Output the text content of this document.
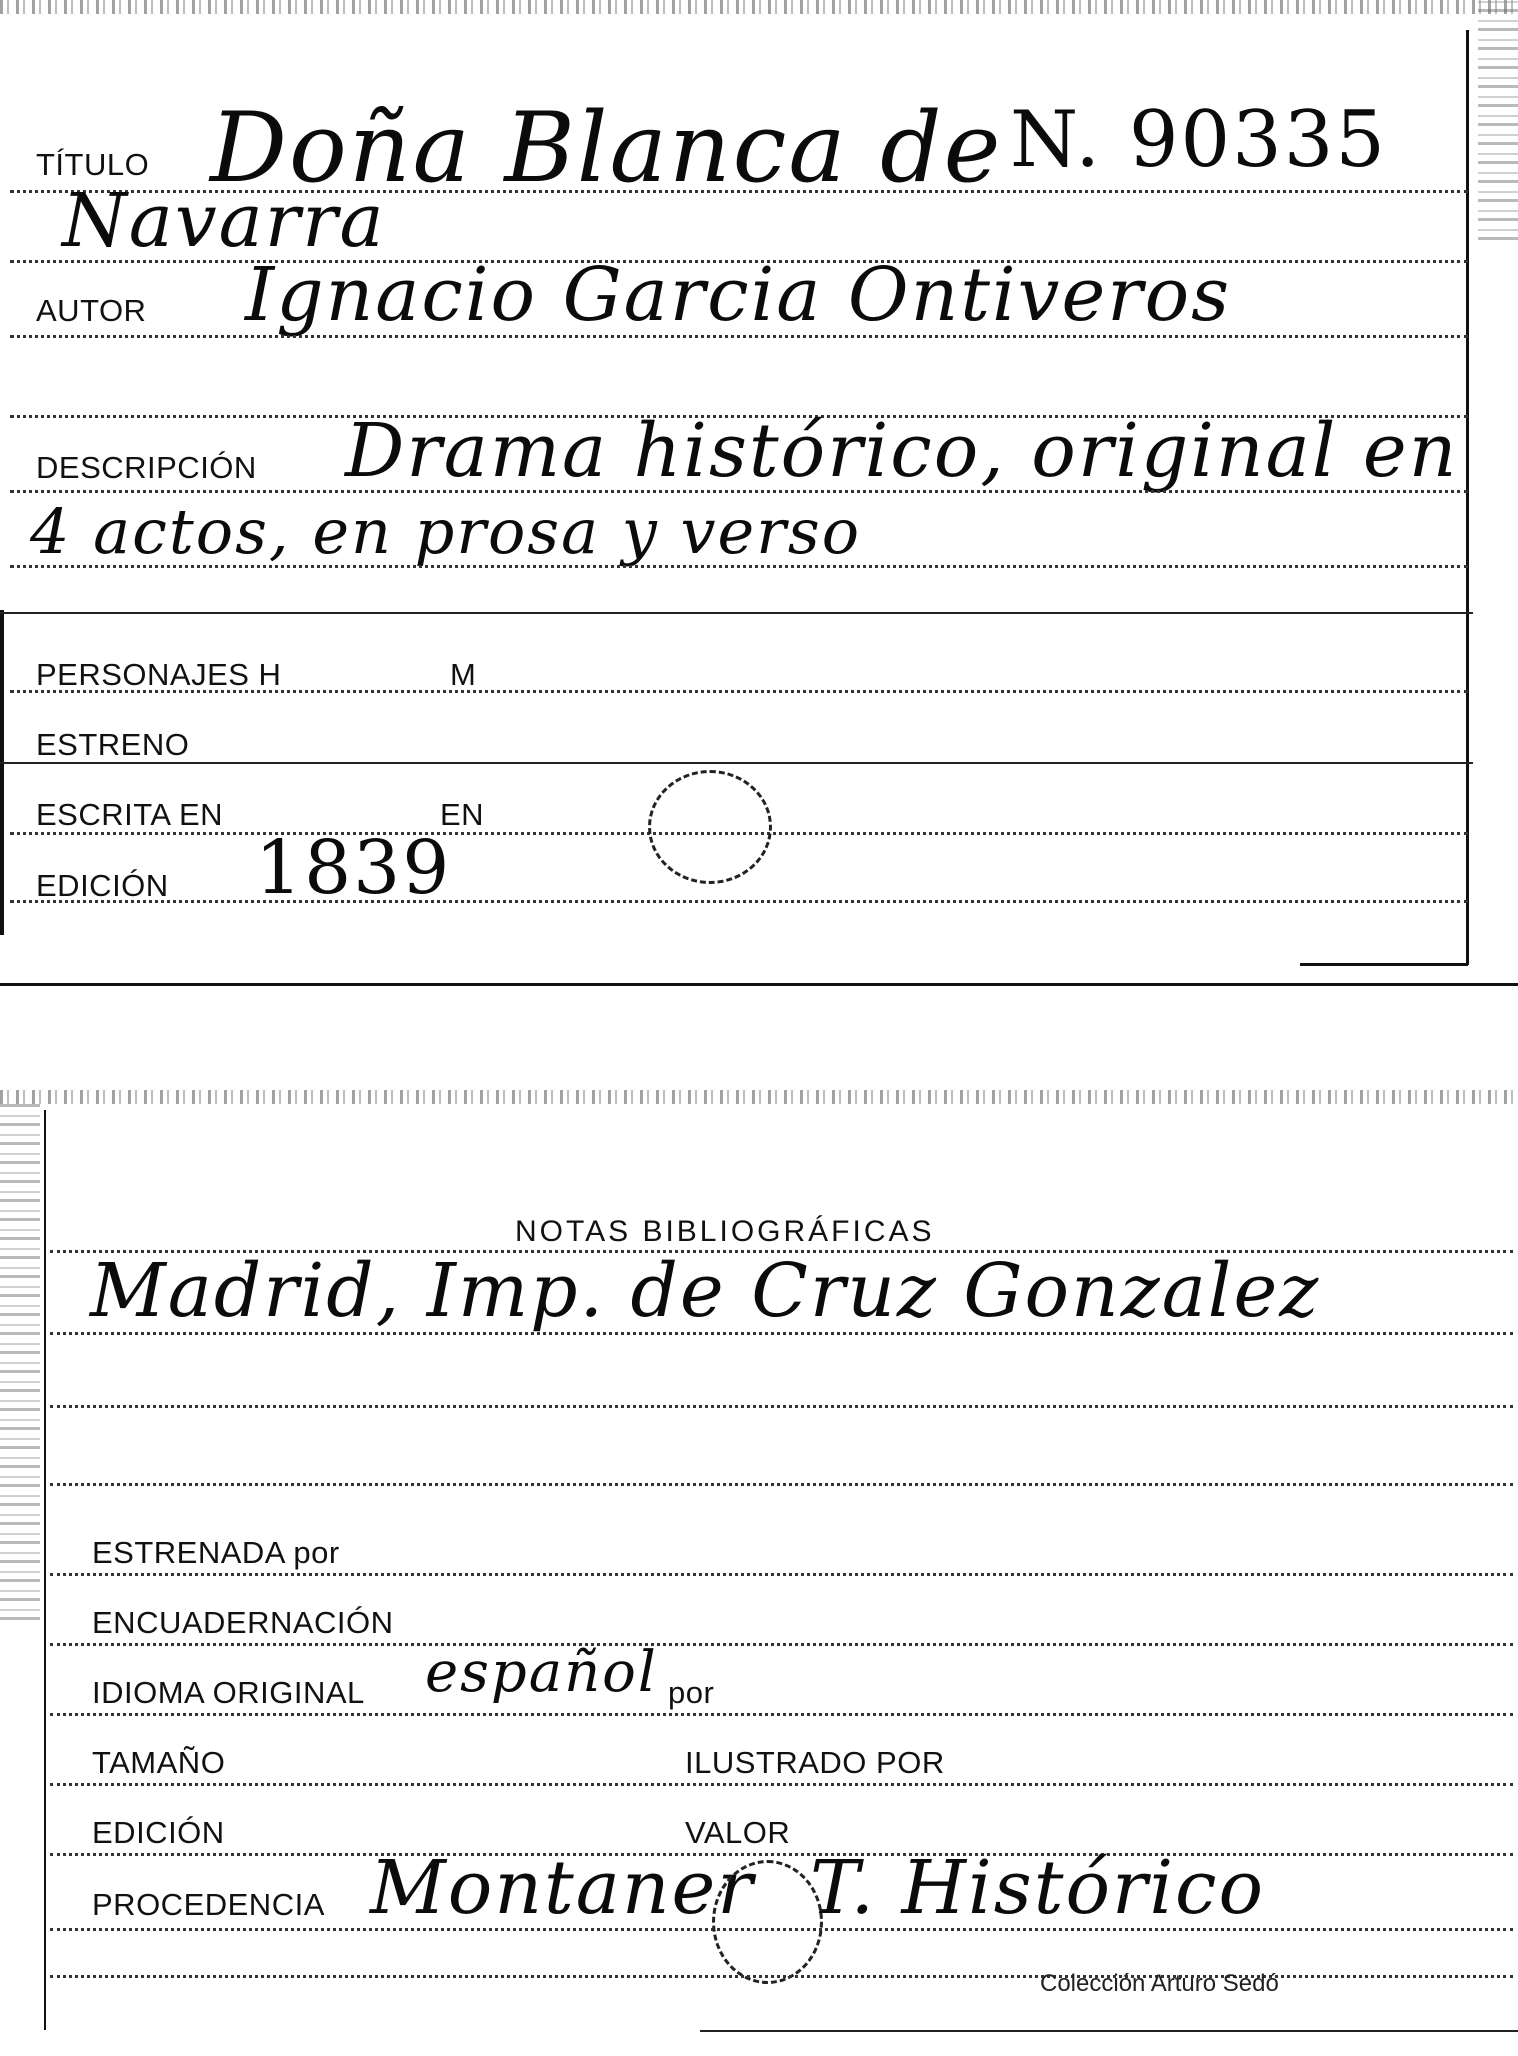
TÍTULO Doña Blanca de N. 90335
Navarra
AUTOR Ignacio Garcia Ontiveros
DESCRIPCIÓN Drama histórico, original en
4 actos, en prosa y verso
PERSONAJES H	M
ESTRENO
ESCRITA EN	EN
EDICIÓN 1839
NOTAS BIBLIOGRÁFICAS
Madrid, Imp. de Cruz Gonzalez
ESTRENADA por
ENCUADERNACIÓN
IDIOMA ORIGINAL español por
TAMAÑO	ILUSTRADO POR
EDICIÓN	VALOR
PROCEDENCIA Montaner T. Histórico
Colección Arturo Sedó
